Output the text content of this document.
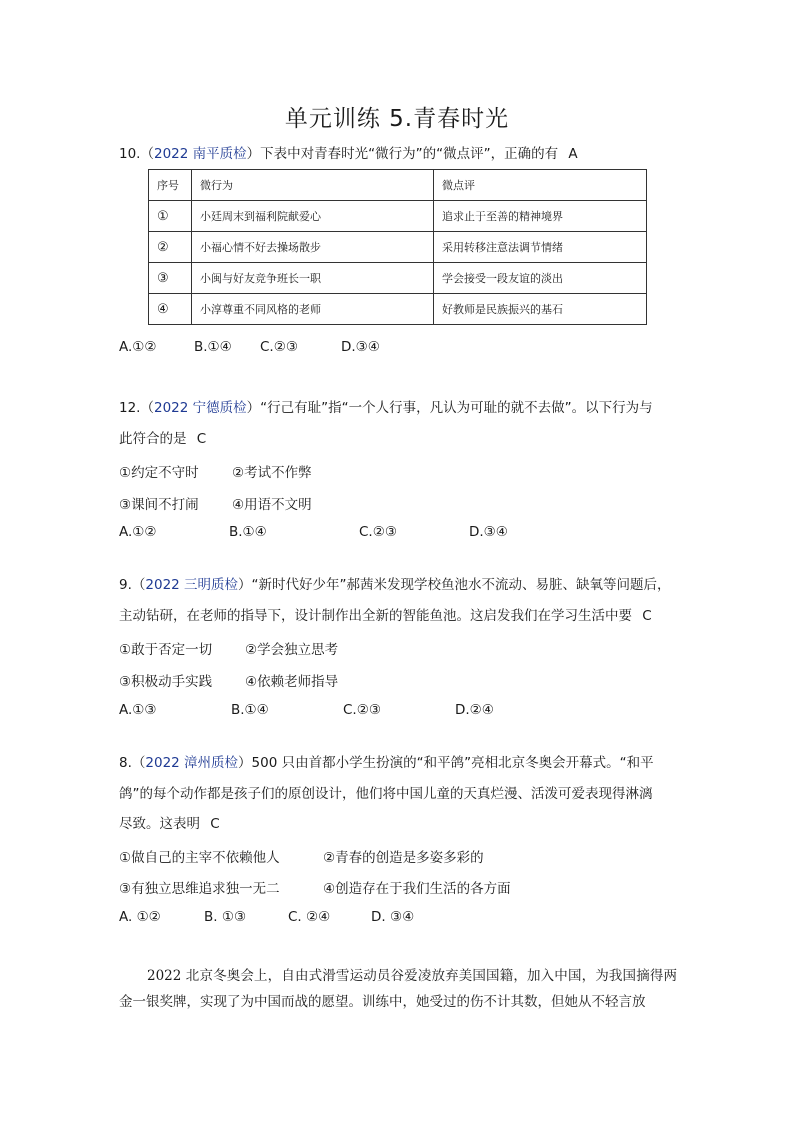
单元训练 5.青春时光
10.（2022 南平质检）下表中对青春时光“微行为”的“微点评”，正确的有 A
序号	微行为	微点评
①	小廷周末到福利院献爱心	追求止于至善的精神境界
②	小福心情不好去操场散步	采用转移注意法调节情绪
③	小闽与好友竞争班长一职	学会接受一段友谊的淡出
④	小淳尊重不同风格的老师	好教师是民族振兴的基石
A.①②	B.①④ C.②③	D.③④
12.（2022 宁德质检）“行己有耻”指“一个人行事，凡认为可耻的就不去做”。以下行为与
此符合的是 C
①约定不守时 ②考试不作弊
③课间不打闹 ④用语不文明
A.①②	B.①④	C.②③	D.③④
9.（2022 三明质检）“新时代好少年”郝茜米发现学校鱼池水不流动、易脏、缺氧等问题后，
主动钻研，在老师的指导下，设计制作出全新的智能鱼池。这启发我们在学习生活中要 C
①敢于否定一切 ②学会独立思考
③积极动手实践 ④依赖老师指导
A.①③	B.①④	C.②③	D.②④
8.（2022 漳州质检）500 只由首都小学生扮演的“和平鸽”亮相北京冬奥会开幕式。“和平
鸽”的每个动作都是孩子们的原创设计，他们将中国儿童的天真烂漫、活泼可爱表现得淋漓
尽致。这表明 C
①做自己的主宰不依赖他人	②青春的创造是多姿多彩的
③有独立思维追求独一无二	④创造存在于我们生活的各方面
A. ①②	B. ①③	C. ②④	D. ③④
2022 北京冬奥会上，自由式滑雪运动员谷爱凌放弃美国国籍，加入中国，为我国摘得两金一银奖牌，实现了为中国而战的愿望。训练中，她受过的伤不计其数，但她从不轻言放
